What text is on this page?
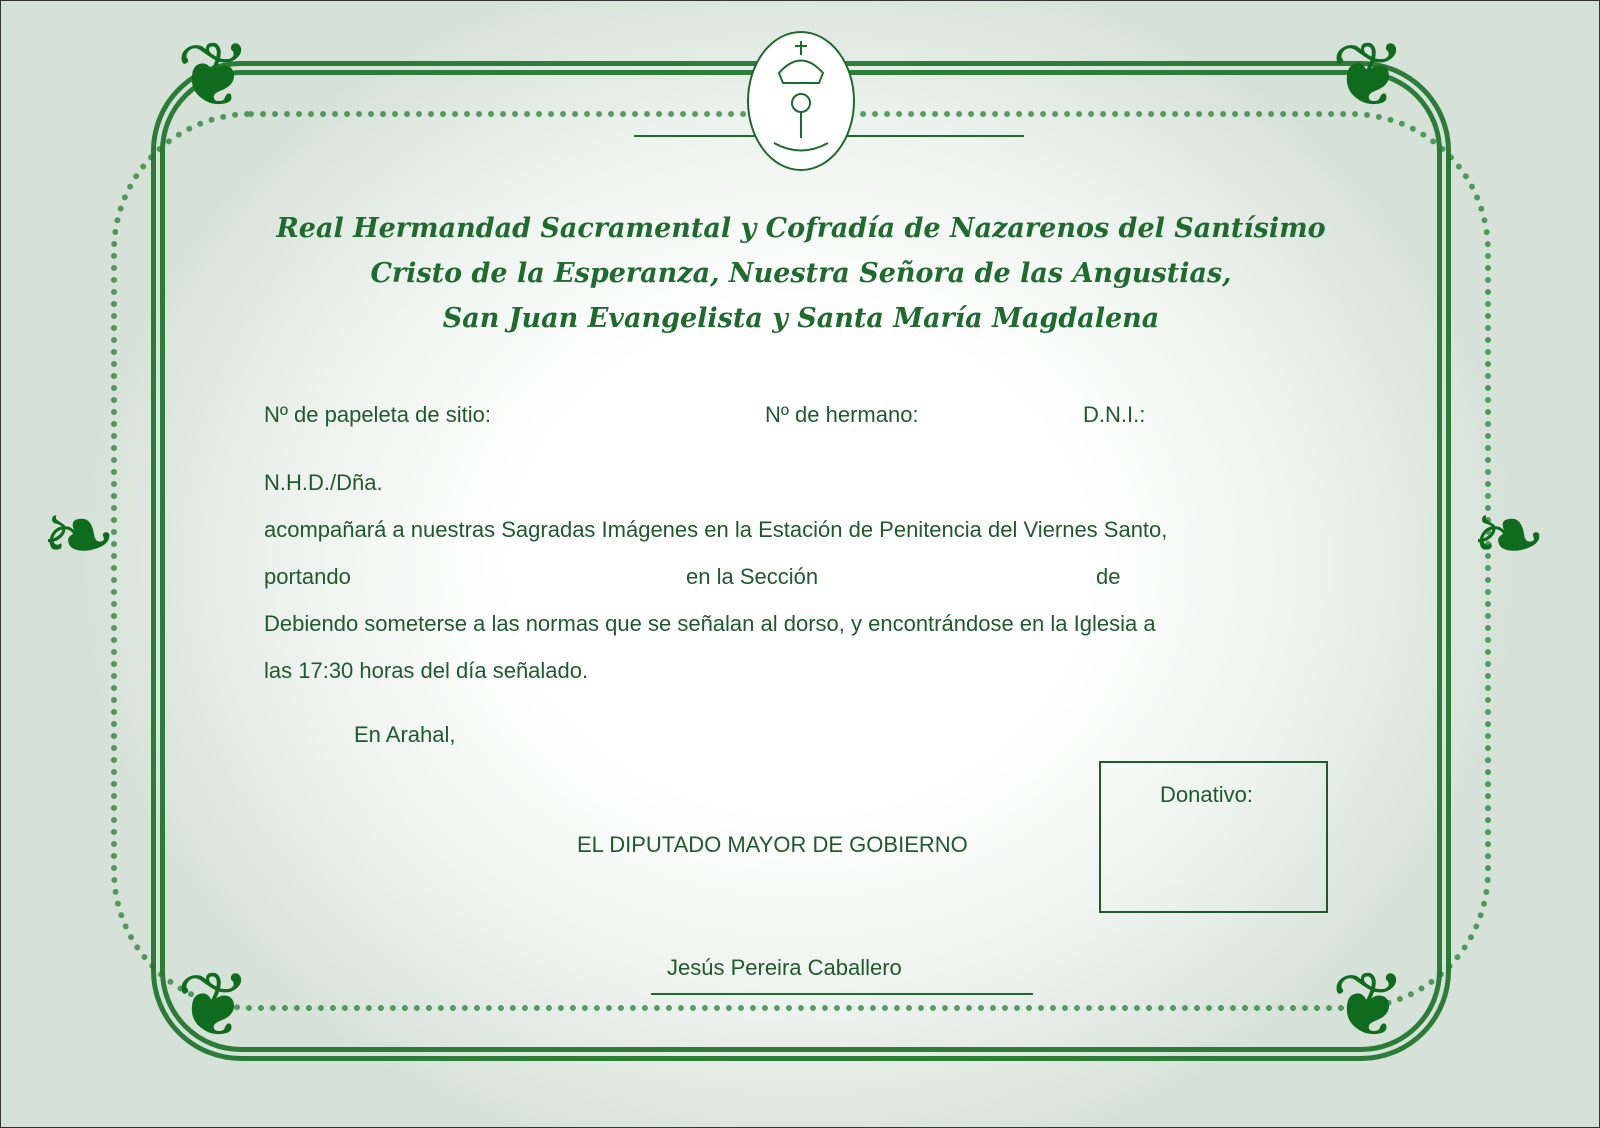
❦	❦
❦	❦
❧	❧
Real Hermandad Sacramental y Cofradía de Nazarenos del Santísimo
Cristo de la Esperanza, Nuestra Señora de las Angustias,
San Juan Evangelista y Santa María Magdalena
Nº de papeleta de sitio:	Nº de hermano:	D.N.I.:
N.H.D./Dña.
acompañará a nuestras Sagradas Imágenes en la Estación de Penitencia del Viernes Santo,
portando	en la Sección	de
Debiendo someterse a las normas que se señalan al dorso, y encontrándose en la Iglesia a
las 17:30 horas del día señalado.
En Arahal,
Donativo:
EL DIPUTADO MAYOR DE GOBIERNO
Jesús Pereira Caballero
